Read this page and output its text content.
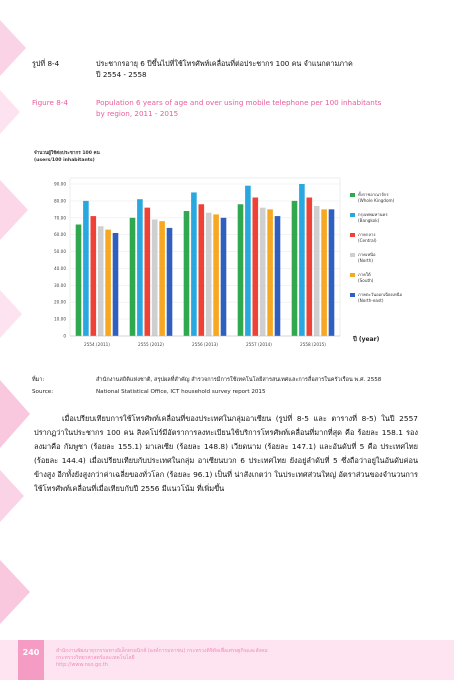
รูปที่ 8-4	ประชากรอายุ 6 ปีขึ้นไปที่ใช้โทรศัพท์เคลื่อนที่ต่อประชากร 100 คน จำแนกตามภาค
ปี 2554 - 2558
Figure 8-4	Population 6 years of age and over using mobile telephone per 100 inhabitants
by region, 2011 - 2015
จำนวนผู้ใช้ต่อประชากร 100 คน
(users/100 inhabitants)
0
10.00
20.00
30.00
40.00
50.00
60.00
70.00
80.00
90.00
2554 (2011)	2555 (2012)	2556 (2013)	2557 (2014)	2558 (2015)
ทั้งราชอาณาจักร
(Whole Kingdom)
กรุงเทพมหานคร
(Bangkok)
ภาคกลาง
(Central)
ภาคเหนือ
(North)
ภาคใต้
(South)
ภาคตะวันออกเฉียงเหนือ
(North-east)
ปี (year)
ที่มา:	สำนักงานสถิติแห่งชาติ, สรุปผลที่สำคัญ สำรวจการมีการใช้เทคโนโลยีสารสนเทศและการสื่อสารในครัวเรือน พ.ศ. 2558
Source:	National Statistical Office, ICT household survey report 2015
เมื่อเปรียบเทียบการใช้โทรศัพท์เคลื่อนที่ของประเทศในกลุ่มอาเซียน (รูปที่ 8-5 และ ตารางที่ 8-5) ในปี 2557 ปรากฏว่าในประชากร 100 คน สิงคโปร์มีอัตราการลงทะเบียนใช้บริการโทรศัพท์เคลื่อนที่มากที่สุด คือ ร้อยละ 158.1 รองลงมาคือ กัมพูชา (ร้อยละ 155.1) มาเลเซีย (ร้อยละ 148.8) เวียดนาม (ร้อยละ 147.1) และอันดับที่ 5 คือ ประเทศไทย (ร้อยละ 144.4) เมื่อเปรียบเทียบกับประเทศในกลุ่ม อาเซียนบวก 6 ประเทศไทย ยังอยู่ลำดับที่ 5 ซึ่งถือว่าอยู่ในอันดับค่อนข้างสูง อีกทั้งยังสูงกว่าค่าเฉลี่ยของทั่วโลก (ร้อยละ 96.1) เป็นที่ น่าสังเกตว่า ในประเทศส่วนใหญ่ อัตราส่วนของจำนวนการใช้โทรศัพท์เคลื่อนที่เมื่อเทียบกับปี 2556 มีแนวโน้ม ที่เพิ่มขึ้น
สำนักงานพัฒนาธุรกรรมทางอิเล็กทรอนิกส์ (องค์การมหาชน) กระทรวงดิจิทัลเพื่อเศรษฐกิจและสังคม
กระทรวงวิทยาศาสตร์และเทคโนโลยี
http://www.nso.go.th
240
